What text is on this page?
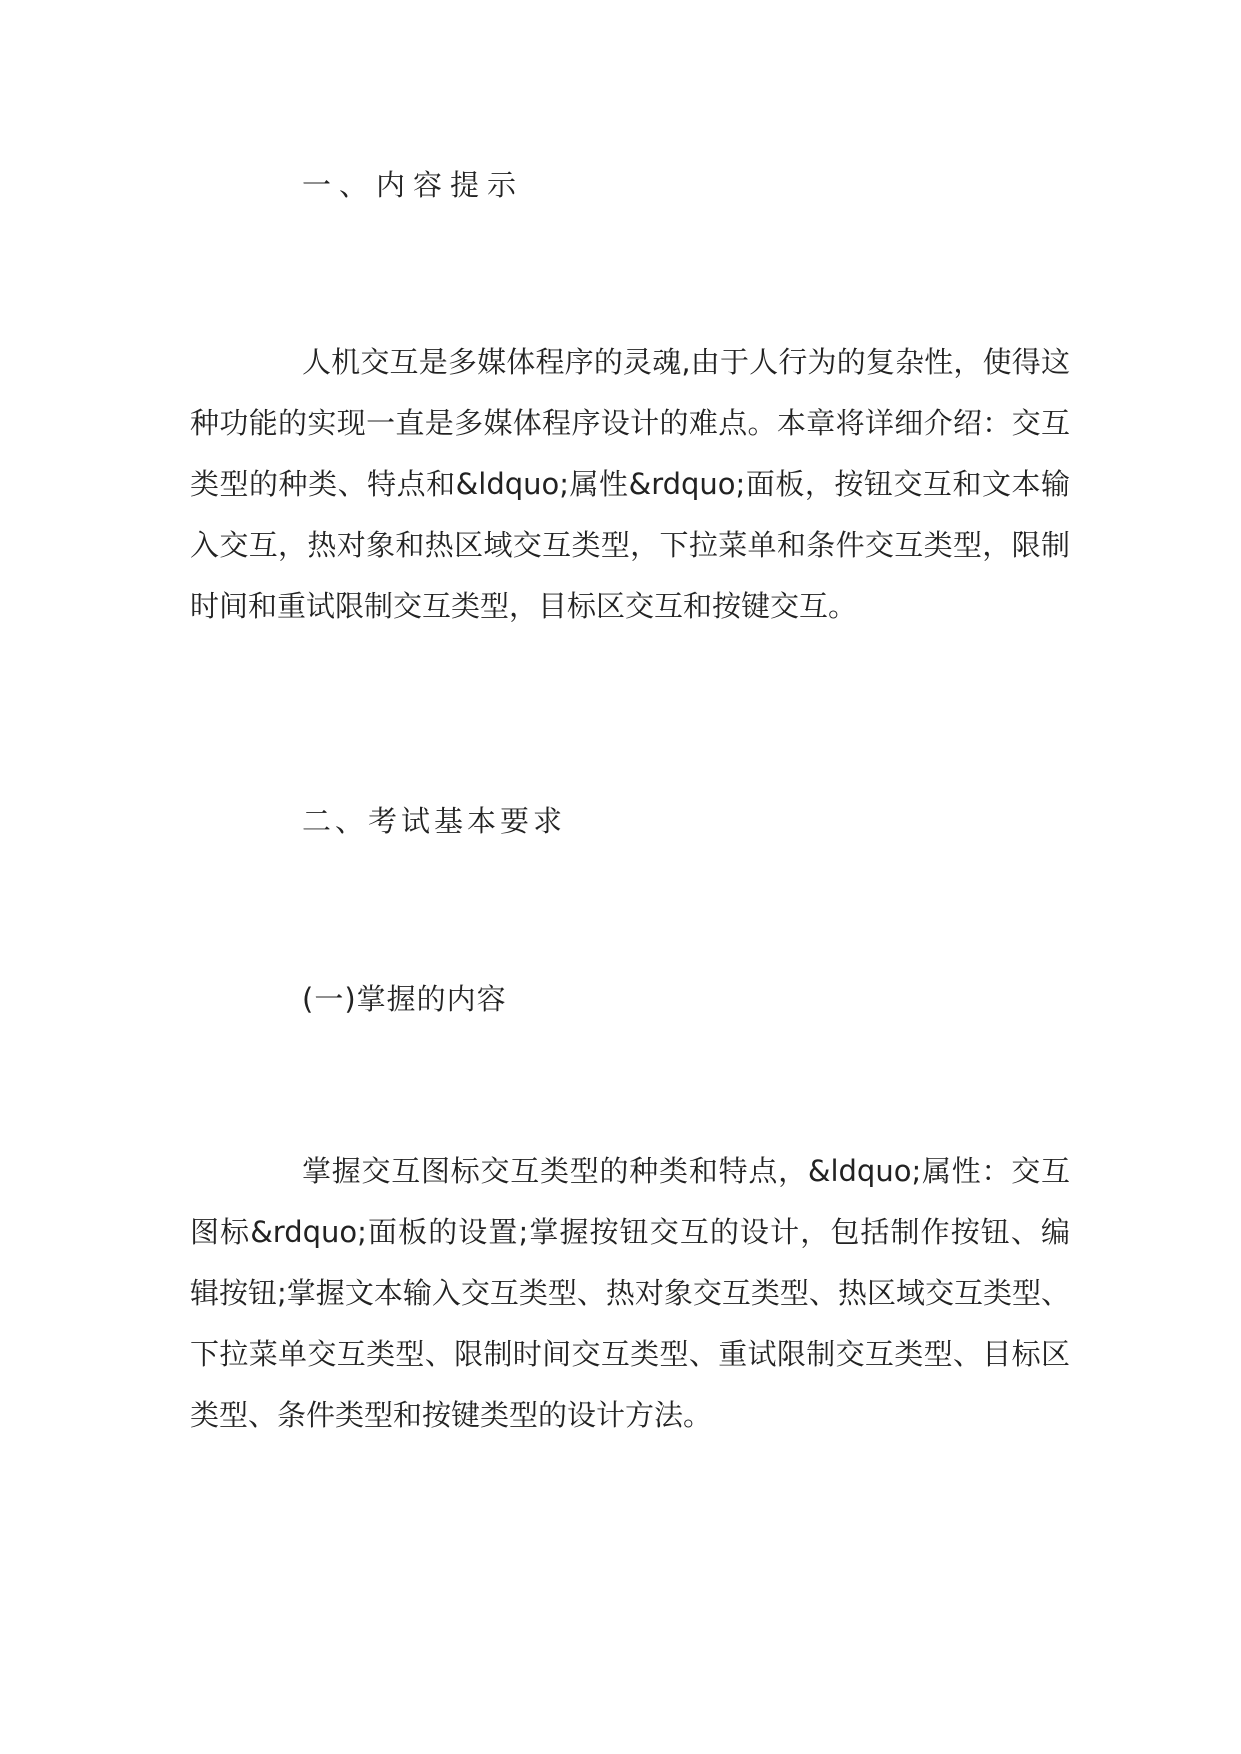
一、内容提示
人机交互是多媒体程序的灵魂,由于人行为的复杂性，使得这种功能的实现一直是多媒体程序设计的难点。本章将详细介绍：交互类型的种类、特点和&ldquo;属性&rdquo;面板，按钮交互和文本输入交互，热对象和热区域交互类型，下拉菜单和条件交互类型，限制时间和重试限制交互类型，目标区交互和按键交互。
二、考试基本要求
(一)掌握的内容
掌握交互图标交互类型的种类和特点，&ldquo;属性：交互图标&rdquo;面板的设置;掌握按钮交互的设计，包括制作按钮、编辑按钮;掌握文本输入交互类型、热对象交互类型、热区域交互类型、下拉菜单交互类型、限制时间交互类型、重试限制交互类型、目标区类型、条件类型和按键类型的设计方法。
